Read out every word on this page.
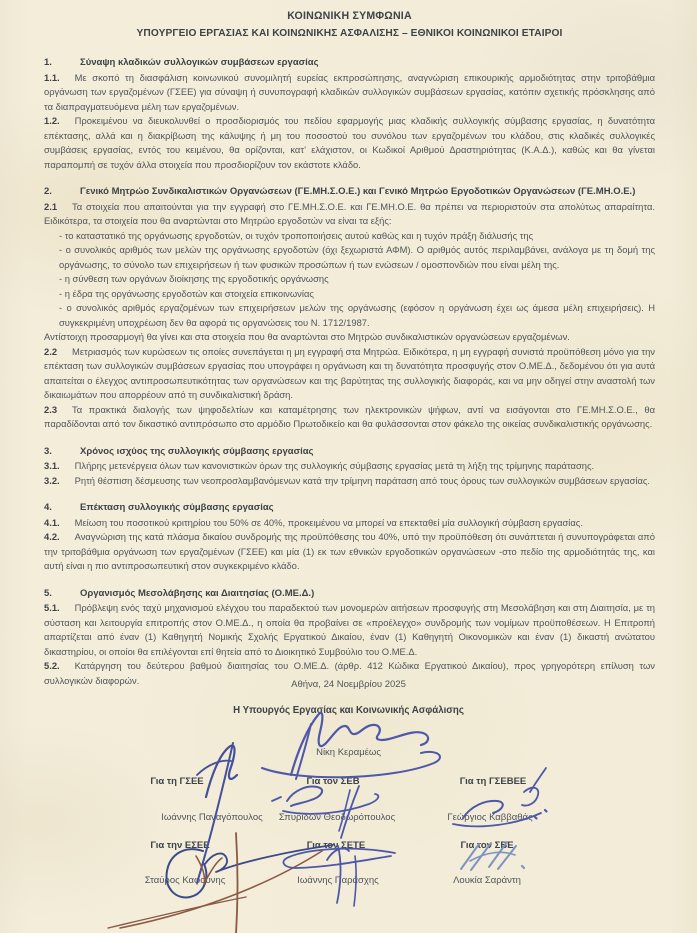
ΚΟΙΝΩΝΙΚΗ ΣΥΜΦΩΝΙΑ
ΥΠΟΥΡΓΕΙΟ ΕΡΓΑΣΙΑΣ ΚΑΙ ΚΟΙΝΩΝΙΚΗΣ ΑΣΦΑΛΙΣΗΣ – ΕΘΝΙΚΟΙ ΚΟΙΝΩΝΙΚΟΙ ΕΤΑΙΡΟΙ
1.	Σύναψη κλαδικών συλλογικών συμβάσεων εργασίας

1.1. Με σκοπό τη διασφάλιση κοινωνικού συνομιλητή ευρείας εκπροσώπησης, αναγνώριση επικουρικής αρμοδιότητας στην τριτοβάθμια οργάνωση των εργαζομένων (ΓΣΕΕ) για σύναψη ή συνυπογραφή κλαδικών συλλογικών συμβάσεων εργασίας, κατόπιν σχετικής πρόσκλησης από τα διαπραγματευόμενα μέλη των εργαζομένων.

1.2. Προκειμένου να διευκολυνθεί ο προσδιορισμός του πεδίου εφαρμογής μιας κλαδικής συλλογικής σύμβασης εργασίας, η δυνατότητα επέκτασης, αλλά και η διακρίβωση της κάλυψης ή μη του ποσοστού του συνόλου των εργαζομένων του κλάδου, στις κλαδικές συλλογικές συμβάσεις εργασίας, εντός του κειμένου, θα ορίζονται, κατ’ ελάχιστον, οι Κωδικοί Αριθμού Δραστηριότητας (Κ.Α.Δ.), καθώς και θα γίνεται παραπομπή σε τυχόν άλλα στοιχεία που προσδιορίζουν τον εκάστοτε κλάδο.

2.	Γενικό Μητρώο Συνδικαλιστικών Οργανώσεων (ΓΕ.ΜΗ.Σ.Ο.Ε.) και Γενικό Μητρώο Εργοδοτικών Οργανώσεων (ΓΕ.ΜΗ.Ο.Ε.)

2.1 Τα στοιχεία που απαιτούνται για την εγγραφή στο ΓΕ.ΜΗ.Σ.Ο.Ε. και ΓΕ.ΜΗ.Ο.Ε. θα πρέπει να περιοριστούν στα απολύτως απαραίτητα. Ειδικότερα, τα στοιχεία που θα αναρτώνται στο Μητρώο εργοδοτών να είναι τα εξής:

- το καταστατικό της οργάνωσης εργοδοτών, οι τυχόν τροποποιήσεις αυτού καθώς και η τυχόν πράξη διάλυσής της

- ο συνολικός αριθμός των μελών της οργάνωσης εργοδοτών (όχι ξεχωριστά ΑΦΜ). Ο αριθμός αυτός περιλαμβάνει, ανάλογα με τη δομή της οργάνωσης, το σύνολο των επιχειρήσεων ή των φυσικών προσώπων ή των ενώσεων / ομοσπονδιών που είναι μέλη της.

- η σύνθεση των οργάνων διοίκησης της εργοδοτικής οργάνωσης

- η έδρα της οργάνωσης εργοδοτών και στοιχεία επικοινωνίας

- ο συνολικός αριθμός εργαζομένων των επιχειρήσεων μελών της οργάνωσης (εφόσον η οργάνωση έχει ως άμεσα μέλη επιχειρήσεις). Η συγκεκριμένη υποχρέωση δεν θα αφορά τις οργανώσεις του Ν. 1712/1987.

Αντίστοιχη προσαρμογή θα γίνει και στα στοιχεία που θα αναρτώνται στο Μητρώο συνδικαλιστικών οργανώσεων εργαζομένων.

2.2 Μετριασμός των κυρώσεων τις οποίες συνεπάγεται η μη εγγραφή στα Μητρώα. Ειδικότερα, η μη εγγραφή συνιστά προϋπόθεση μόνο για την επέκταση των συλλογικών συμβάσεων εργασίας που υπογράφει η οργάνωση και τη δυνατότητα προσφυγής στον Ο.ΜΕ.Δ., δεδομένου ότι για αυτά απαιτείται ο έλεγχος αντιπροσωπευτικότητας των οργανώσεων και της βαρύτητας της συλλογικής διαφοράς, και να μην οδηγεί στην αναστολή των δικαιωμάτων που απορρέουν από τη συνδικαλιστική δράση.

2.3 Τα πρακτικά διαλογής των ψηφοδελτίων και καταμέτρησης των ηλεκτρονικών ψήφων, αντί να εισάγονται στο ΓΕ.ΜΗ.Σ.Ο.Ε., θα παραδίδονται από τον δικαστικό αντιπρόσωπο στο αρμόδιο Πρωτοδικείο και θα φυλάσσονται στον φάκελο της οικείας συνδικαλιστικής οργάνωσης.

3.	Χρόνος ισχύος της συλλογικής σύμβασης εργασίας

3.1. Πλήρης μετενέργεια όλων των κανονιστικών όρων της συλλογικής σύμβασης εργασίας μετά τη λήξη της τρίμηνης παράτασης.

3.2. Ρητή θέσπιση δέσμευσης των νεοπροσλαμβανόμενων κατά την τρίμηνη παράταση από τους όρους των συλλογικών συμβάσεων εργασίας.

4.	Επέκταση συλλογικής σύμβασης εργασίας

4.1. Μείωση του ποσοτικού κριτηρίου του 50% σε 40%, προκειμένου να μπορεί να επεκταθεί μία συλλογική σύμβαση εργασίας.

4.2. Αναγνώριση της κατά πλάσμα δικαίου συνδρομής της προϋπόθεσης του 40%, υπό την προϋπόθεση ότι συνάπτεται ή συνυπογράφεται από την τριτοβάθμια οργάνωση των εργαζομένων (ΓΣΕΕ) και μία (1) εκ των εθνικών εργοδοτικών οργανώσεων -στο πεδίο της αρμοδιότητάς της, και αυτή είναι η πιο αντιπροσωπευτική στον συγκεκριμένο κλάδο.

5.	Οργανισμός Μεσολάβησης και Διαιτησίας (Ο.ΜΕ.Δ.)

5.1. Πρόβλεψη ενός ταχύ μηχανισμού ελέγχου του παραδεκτού των μονομερών αιτήσεων προσφυγής στη Μεσολάβηση και στη Διαιτησία, με τη σύσταση και λειτουργία επιτροπής στον Ο.ΜΕ.Δ., η οποία θα προβαίνει σε «προέλεγχο» συνδρομής των νομίμων προϋποθέσεων. Η Επιτροπή απαρτίζεται από έναν (1) Καθηγητή Νομικής Σχολής Εργατικού Δικαίου, έναν (1) Καθηγητή Οικονομικών και έναν (1) δικαστή ανώτατου δικαστηρίου, οι οποίοι θα επιλέγονται επί θητεία από το Διοικητικό Συμβούλιο του Ο.ΜΕ.Δ.

5.2. Κατάργηση του δεύτερου βαθμού διαιτησίας του Ο.ΜΕ.Δ. (άρθρ. 412 Κώδικα Εργατικού Δικαίου), προς γρηγορότερη επίλυση των συλλογικών διαφορών.	Αθήνα, 24 Νοεμβρίου 2025
Η Υπουργός Εργασίας και Κοινωνικής Ασφάλισης
Νίκη Κεραμέως
Για τη ΓΣΕΕ
Ιωάννης Παναγόπουλος
Για τον ΣΕΒ
Σπυρίδων Θεοδωρόπουλος
Για τη ΓΣΕΒΕΕ
Γεώργιος Καββαθάς
Για την ΕΣΕΕ
Σταύρος Καφούνης
Για τον ΣΕΤΕ
Ιωάννης Παράσχης
Για τον ΣΒΕ
Λουκία Σαράντη
